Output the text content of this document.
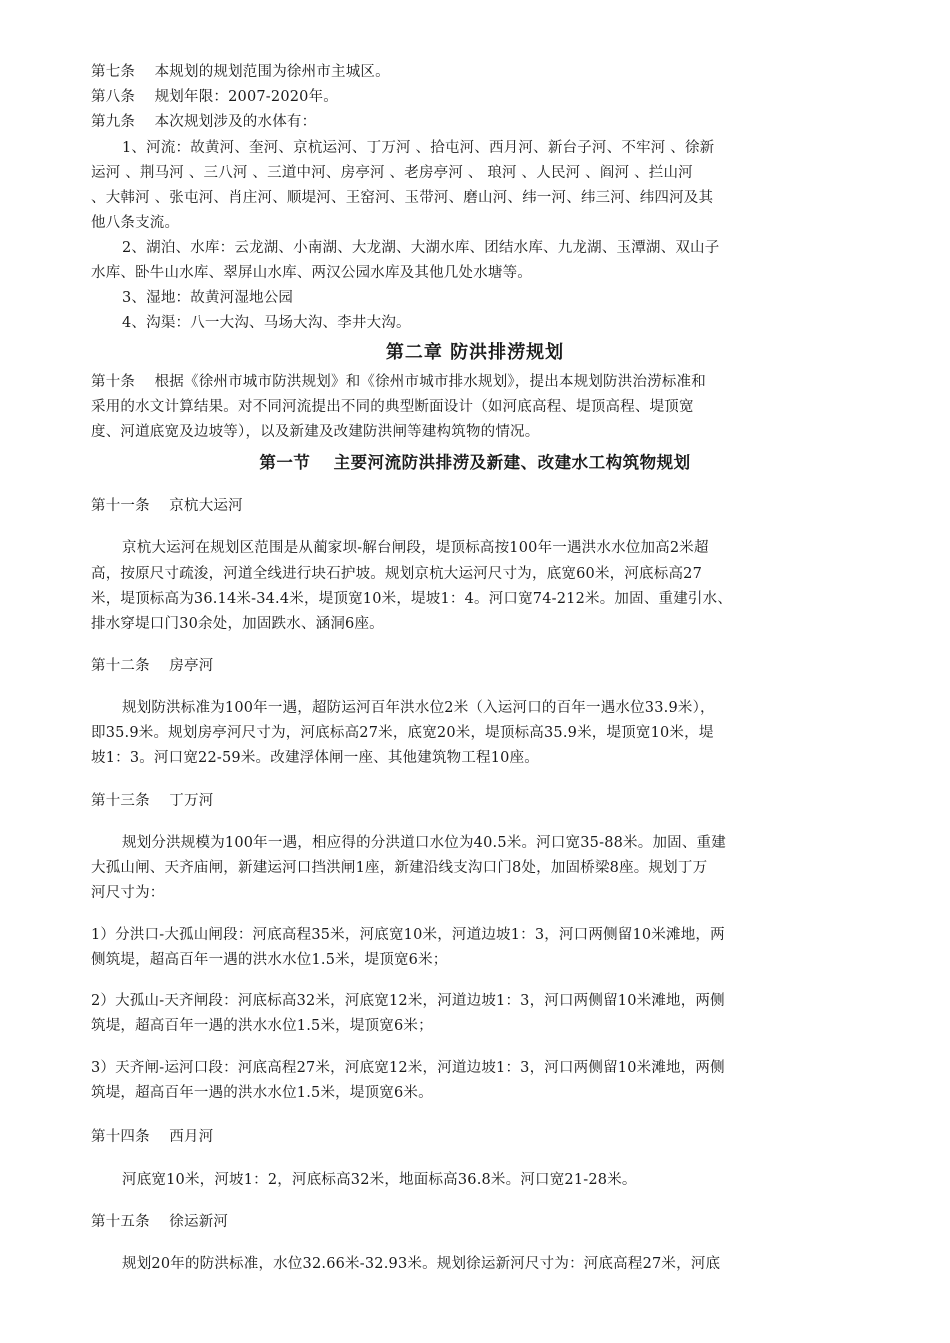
第七条　 本规划的规划范围为徐州市主城区。
第八条　 规划年限：2007-2020年。
第九条　 本次规划涉及的水体有：
1、河流：故黄河、奎河、京杭运河、丁万河 、拾屯河、西月河、新台子河、不牢河 、徐新
运河 、荆马河 、三八河 、三道中河、房亭河 、老房亭河 、 琅河 、人民河 、阎河 、拦山河
、大韩河 、张屯河、肖庄河、顺堤河、王窑河、玉带河、磨山河、纬一河、纬三河、纬四河及其
他八条支流。
2、湖泊、水库：云龙湖、小南湖、大龙湖、大湖水库、团结水库、九龙湖、玉潭湖、双山子
水库、卧牛山水库、翠屏山水库、两汉公园水库及其他几处水塘等。
3、湿地：故黄河湿地公园
4、沟渠：八一大沟、马场大沟、李井大沟。
第二章 防洪排涝规划
第十条　 根据《徐州市城市防洪规划》和《徐州市城市排水规划》，提出本规划防洪治涝标准和
采用的水文计算结果。对不同河流提出不同的典型断面设计（如河底高程、堤顶高程、堤顶宽
度、河道底宽及边坡等），以及新建及改建防洪闸等建构筑物的情况。
第一节　 主要河流防洪排涝及新建、改建水工构筑物规划
第十一条　 京杭大运河
京杭大运河在规划区范围是从蔺家坝-解台闸段，堤顶标高按100年一遇洪水水位加高2米超
高，按原尺寸疏浚，河道全线进行块石护坡。规划京杭大运河尺寸为，底宽60米，河底标高27
米，堤顶标高为36.14米-34.4米，堤顶宽10米，堤坡1：4。河口宽74-212米。加固、重建引水、
排水穿堤口门30余处，加固跌水、涵洞6座。
第十二条　 房亭河
规划防洪标准为100年一遇，超防运河百年洪水位2米（入运河口的百年一遇水位33.9米），
即35.9米。规划房亭河尺寸为，河底标高27米，底宽20米，堤顶标高35.9米，堤顶宽10米，堤
坡1：3。河口宽22-59米。改建浮体闸一座、其他建筑物工程10座。
第十三条　 丁万河
规划分洪规模为100年一遇，相应得的分洪道口水位为40.5米。河口宽35-88米。加固、重建
大孤山闸、天齐庙闸，新建运河口挡洪闸1座，新建沿线支沟口门8处，加固桥梁8座。规划丁万
河尺寸为：
1）分洪口-大孤山闸段：河底高程35米，河底宽10米，河道边坡1：3，河口两侧留10米滩地，两
侧筑堤，超高百年一遇的洪水水位1.5米，堤顶宽6米；
2）大孤山-天齐闸段：河底标高32米，河底宽12米，河道边坡1：3，河口两侧留10米滩地，两侧
筑堤，超高百年一遇的洪水水位1.5米，堤顶宽6米；
3）天齐闸-运河口段：河底高程27米，河底宽12米，河道边坡1：3，河口两侧留10米滩地，两侧
筑堤，超高百年一遇的洪水水位1.5米，堤顶宽6米。
第十四条　 西月河
河底宽10米，河坡1：2，河底标高32米，地面标高36.8米。河口宽21-28米。
第十五条　 徐运新河
规划20年的防洪标准，水位32.66米-32.93米。规划徐运新河尺寸为：河底高程27米，河底
